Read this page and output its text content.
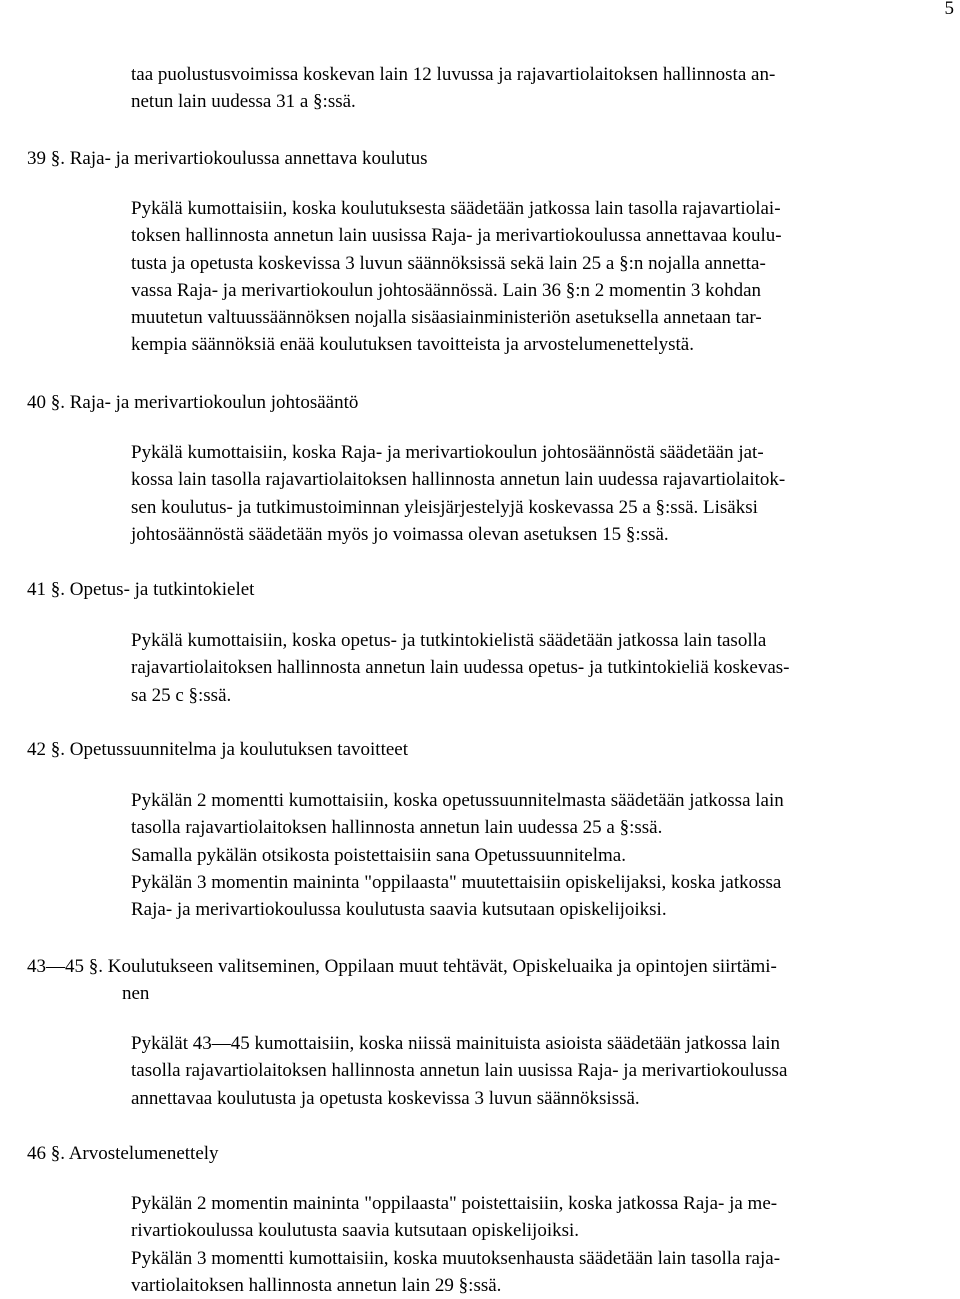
5
taa puolustusvoimissa koskevan lain 12 luvussa ja rajavartiolaitoksen hallinnosta an-
netun lain uudessa 31 a §:ssä.
39 §. Raja- ja merivartiokoulussa annettava koulutus
Pykälä kumottaisiin, koska koulutuksesta säädetään jatkossa lain tasolla rajavartiolai-
toksen hallinnosta annetun lain uusissa Raja- ja merivartiokoulussa annettavaa koulu-
tusta ja opetusta koskevissa 3 luvun säännöksissä sekä lain 25 a §:n nojalla annetta-
vassa Raja- ja merivartiokoulun johtosäännössä. Lain 36 §:n 2 momentin 3 kohdan
muutetun valtuussäännöksen nojalla sisäasiainministeriön asetuksella annetaan tar-
kempia säännöksiä enää koulutuksen tavoitteista ja arvostelumenettelystä.
40 §. Raja- ja merivartiokoulun johtosääntö
Pykälä kumottaisiin, koska Raja- ja merivartiokoulun johtosäännöstä säädetään jat-
kossa lain tasolla rajavartiolaitoksen hallinnosta annetun lain uudessa rajavartiolaitok-
sen koulutus- ja tutkimustoiminnan yleisjärjestelyjä koskevassa 25 a §:ssä. Lisäksi
johtosäännöstä säädetään myös jo voimassa olevan asetuksen 15 §:ssä.
41 §. Opetus- ja tutkintokielet
Pykälä kumottaisiin, koska opetus- ja tutkintokielistä säädetään jatkossa lain tasolla
rajavartiolaitoksen hallinnosta annetun lain uudessa opetus- ja tutkintokieliä koskevas-
sa 25 c §:ssä.
42 §. Opetussuunnitelma ja koulutuksen tavoitteet
Pykälän 2 momentti kumottaisiin, koska opetussuunnitelmasta säädetään jatkossa lain
tasolla rajavartiolaitoksen hallinnosta annetun lain uudessa 25 a §:ssä.
Samalla pykälän otsikosta poistettaisiin sana Opetussuunnitelma.
Pykälän 3 momentin maininta "oppilaasta" muutettaisiin opiskelijaksi, koska jatkossa
Raja- ja merivartiokoulussa koulutusta saavia kutsutaan opiskelijoiksi.
43—45 §. Koulutukseen valitseminen, Oppilaan muut tehtävät, Opiskeluaika ja opintojen siirtämi-
nen
Pykälät 43—45 kumottaisiin, koska niissä mainituista asioista säädetään jatkossa lain
tasolla rajavartiolaitoksen hallinnosta annetun lain uusissa Raja- ja merivartiokoulussa
annettavaa koulutusta ja opetusta koskevissa 3 luvun säännöksissä.
46 §. Arvostelumenettely
Pykälän 2 momentin maininta "oppilaasta" poistettaisiin, koska jatkossa Raja- ja me-
rivartiokoulussa koulutusta saavia kutsutaan opiskelijoiksi.
Pykälän 3 momentti kumottaisiin, koska muutoksenhausta säädetään lain tasolla raja-
vartiolaitoksen hallinnosta annetun lain 29 §:ssä.
